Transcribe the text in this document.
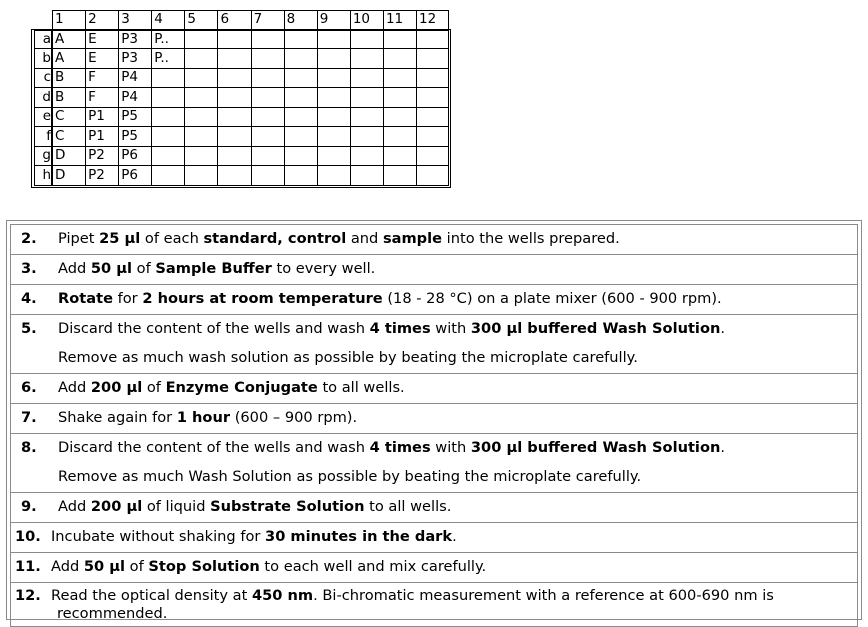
	1	2	3	4	5	6	7	8	9	10	11	12
a	A	E	P3	P..								
b	A	E	P3	P..								
c	B	F	P4									
d	B	F	P4									
e	C	P1	P5									
f	C	P1	P5									
g	D	P2	P6									
h	D	P2	P6									
2.	Pipet 25 µl of each standard, control and sample into the wells prepared.

3.	Add 50 µl of Sample Buffer to every well.

4.	Rotate for 2 hours at room temperature (18 - 28 °C) on a plate mixer (600 - 900 rpm).

5.	Discard the content of the wells and wash 4 times with 300 µl buffered Wash Solution.
Remove as much wash solution as possible by beating the microplate carefully.

6.	Add 200 µl of Enzyme Conjugate to all wells.

7.	Shake again for 1 hour (600 – 900 rpm).

8.	Discard the content of the wells and wash 4 times with 300 µl buffered Wash Solution.
Remove as much Wash Solution as possible by beating the microplate carefully.

9.	Add 200 µl of liquid Substrate Solution to all wells.

10. Incubate without shaking for 30 minutes in the dark.

11. Add 50 µl of Stop Solution to each well and mix carefully.

12. Read the optical density at 450 nm. Bi-chromatic measurement with a reference at 600-690 nm is
recommended.
